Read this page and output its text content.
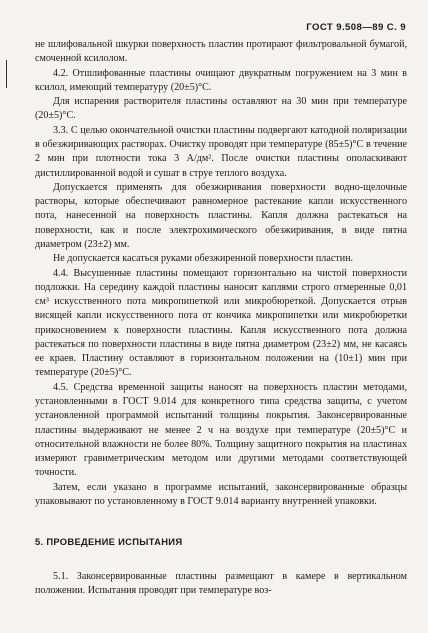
ГОСТ 9.508—89 С. 9

не шлифовальной шкурки поверхность пластин протирают фильтровальной бумагой, смоченной ксилолом.

4.2. Отшлифованные пластины очищают двукратным погружением на 3 мин в ксилол, имеющий температуру (20±5)°С.

Для испарения растворителя пластины оставляют на 30 мин при температуре (20±5)°С.

3.3. С целью окончательной очистки пластины подвергают катодной поляризации в обезжиривающих растворах. Очистку проводят при температуре (85±5)°С в течение 2 мин при плотности тока 3 А/дм². После очистки пластины ополаскивают дистиллированной водой и сушат в струе теплого воздуха.

Допускается применять для обезжиривания поверхности водно-щелочные растворы, которые обеспечивают равномерное растекание капли искусственного пота, нанесенной на поверхность пластины. Капля должна растекаться на поверхности, как и после электрохимического обезжиривания, в виде пятна диаметром (23±2) мм.

Не допускается касаться руками обезжиренной поверхности пластин.

4.4. Высушенные пластины помещают горизонтально на чистой поверхности подложки. На середину каждой пластины наносят каплями строго отмеренные 0,01 см³ искусственного пота микропипеткой или микробюреткой. Допускается отрыв висящей капли искусственного пота от кончика микропипетки или микробюретки прикосновением к поверхности пластины. Капля искусственного пота должна растекаться по поверхности пластины в виде пятна диаметром (23±2) мм, не касаясь ее краев. Пластину оставляют в горизонтальном положении на (10±1) мин при температуре (20±5)°С.

4.5. Средства временной защиты наносят на поверхность пластин методами, установленными в ГОСТ 9.014 для конкретного типа средства защиты, с учетом установленной программой испытаний толщины покрытия. Законсервированные пластины выдерживают не менее 2 ч на воздухе при температуре (20±5)°С и относительной влажности не более 80%. Толщину защитного покрытия на пластинах измеряют гравиметрическим методом или другими методами соответствующей точности.

Затем, если указано в программе испытаний, законсервированные образцы упаковывают по установленному в ГОСТ 9.014 варианту внутренней упаковки.

5. ПРОВЕДЕНИЕ ИСПЫТАНИЯ

5.1. Законсервированные пластины размещают в камере в вертикальном положении. Испытания проводят при температуре воз-
